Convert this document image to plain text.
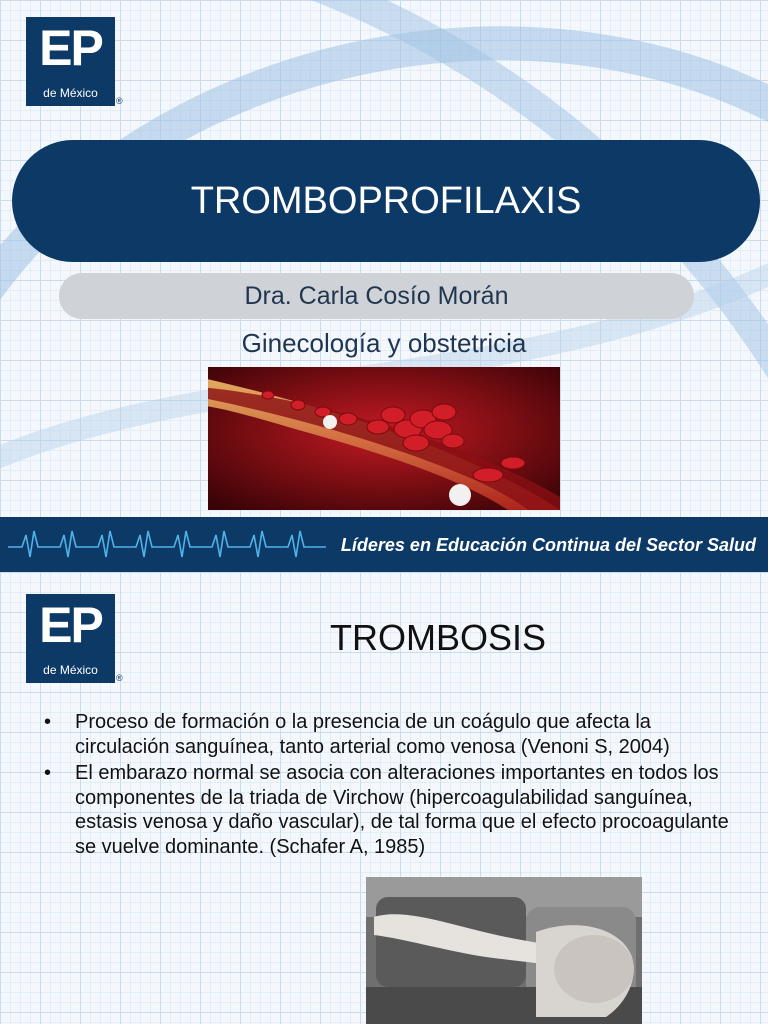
EP
de México
®
TROMBOPROFILAXIS
Dra. Carla Cosío Morán
Ginecología y obstetricia
Líderes en Educación Continua del Sector Salud
EP
de México
®
TROMBOSIS
• Proceso de formación o la presencia de un coágulo que afecta la circulación sanguínea, tanto arterial como venosa (Venoni S, 2004)
• El embarazo normal se asocia con alteraciones importantes en todos los componentes de la triada de Virchow (hipercoagulabilidad sanguínea, estasis venosa y daño vascular), de tal forma que el efecto procoagulante se vuelve dominante. (Schafer A, 1985)
